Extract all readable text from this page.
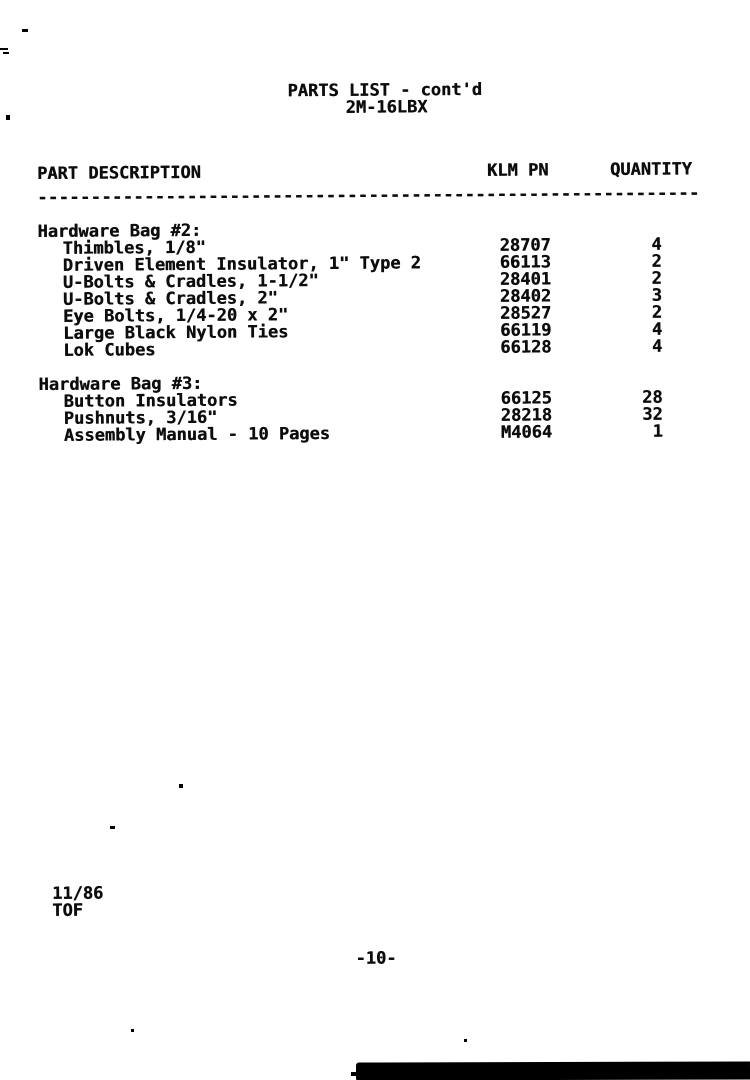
PARTS LIST - cont'd
2M-16LBX
PART DESCRIPTION	KLM PN	QUANTITY
--------------------------------------------------------------
Hardware Bag #2:
Thimbles, 1/8"	28707	4
Driven Element Insulator, 1" Type 2	66113	2
U-Bolts & Cradles, 1-1/2"	28401	2
U-Bolts & Cradles, 2"	28402	3
Eye Bolts, 1/4-20 x 2"	28527	2
Large Black Nylon Ties	66119	4
Lok Cubes	66128	4
Hardware Bag #3:
Button Insulators	66125	28
Pushnuts, 3/16"	28218	32
Assembly Manual - 10 Pages	M4064	1
11/86
TOF
-10-
